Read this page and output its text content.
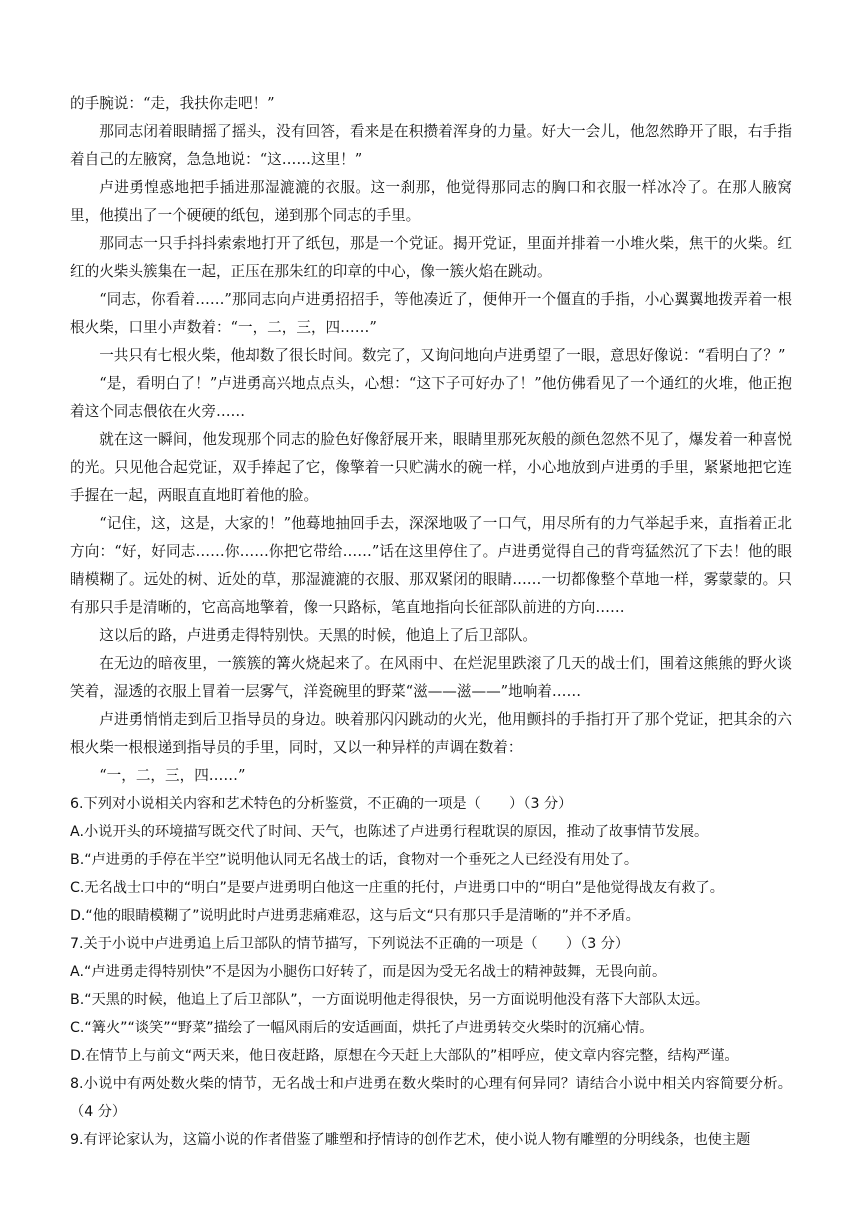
的手腕说：“走，我扶你走吧！”

那同志闭着眼睛摇了摇头，没有回答，看来是在积攒着浑身的力量。好大一会儿，他忽然睁开了眼，右手指着自己的左腋窝，急急地说：“这……这里！”

卢进勇惶惑地把手插进那湿漉漉的衣服。这一刹那，他觉得那同志的胸口和衣服一样冰冷了。在那人腋窝里，他摸出了一个硬硬的纸包，递到那个同志的手里。

那同志一只手抖抖索索地打开了纸包，那是一个党证。揭开党证，里面并排着一小堆火柴，焦干的火柴。红红的火柴头簇集在一起，正压在那朱红的印章的中心，像一簇火焰在跳动。

“同志，你看着……”那同志向卢进勇招招手，等他凑近了，便伸开一个僵直的手指，小心翼翼地拨弄着一根根火柴，口里小声数着：“一，二，三，四……”

一共只有七根火柴，他却数了很长时间。数完了，又询问地向卢进勇望了一眼，意思好像说：“看明白了？”

“是，看明白了！”卢进勇高兴地点点头，心想：“这下子可好办了！”他仿佛看见了一个通红的火堆，他正抱着这个同志偎依在火旁……

就在这一瞬间，他发现那个同志的脸色好像舒展开来，眼睛里那死灰般的颜色忽然不见了，爆发着一种喜悦的光。只见他合起党证，双手捧起了它，像擎着一只贮满水的碗一样，小心地放到卢进勇的手里，紧紧地把它连手握在一起，两眼直直地盯着他的脸。

“记住，这，这是，大家的！”他蓦地抽回手去，深深地吸了一口气，用尽所有的力气举起手来，直指着正北方向：“好，好同志……你……你把它带给……”话在这里停住了。卢进勇觉得自己的背弯猛然沉了下去！他的眼睛模糊了。远处的树、近处的草，那湿漉漉的衣服、那双紧闭的眼睛……一切都像整个草地一样，雾蒙蒙的。只有那只手是清晰的，它高高地擎着，像一只路标，笔直地指向长征部队前进的方向……

这以后的路，卢进勇走得特别快。天黑的时候，他追上了后卫部队。

在无边的暗夜里，一簇簇的篝火烧起来了。在风雨中、在烂泥里跌滚了几天的战士们，围着这熊熊的野火谈笑着，湿透的衣服上冒着一层雾气，洋瓷碗里的野菜“滋——滋——”地响着……

卢进勇悄悄走到后卫指导员的身边。映着那闪闪跳动的火光，他用颤抖的手指打开了那个党证，把其余的六根火柴一根根递到指导员的手里，同时，又以一种异样的声调在数着：

“一，二，三，四……”

6.下列对小说相关内容和艺术特色的分析鉴赏，不正确的一项是（　　）（3 分）

A.小说开头的环境描写既交代了时间、天气，也陈述了卢进勇行程耽误的原因，推动了故事情节发展。

B.“卢进勇的手停在半空”说明他认同无名战士的话，食物对一个垂死之人已经没有用处了。

C.无名战士口中的“明白”是要卢进勇明白他这一庄重的托付，卢进勇口中的“明白”是他觉得战友有救了。

D.“他的眼睛模糊了”说明此时卢进勇悲痛难忍，这与后文“只有那只手是清晰的”并不矛盾。

7.关于小说中卢进勇追上后卫部队的情节描写，下列说法不正确的一项是（　　）（3 分）

A.“卢进勇走得特别快”不是因为小腿伤口好转了，而是因为受无名战士的精神鼓舞，无畏向前。

B.“天黑的时候，他追上了后卫部队”，一方面说明他走得很快，另一方面说明他没有落下大部队太远。

C.“篝火”“谈笑”“野菜”描绘了一幅风雨后的安适画面，烘托了卢进勇转交火柴时的沉痛心情。

D.在情节上与前文“两天来，他日夜赶路，原想在今天赶上大部队的”相呼应，使文章内容完整，结构严谨。

8.小说中有两处数火柴的情节，无名战士和卢进勇在数火柴时的心理有何异同？请结合小说中相关内容简要分析。（4 分）

9.有评论家认为，这篇小说的作者借鉴了雕塑和抒情诗的创作艺术，使小说人物有雕塑的分明线条，也使主题
